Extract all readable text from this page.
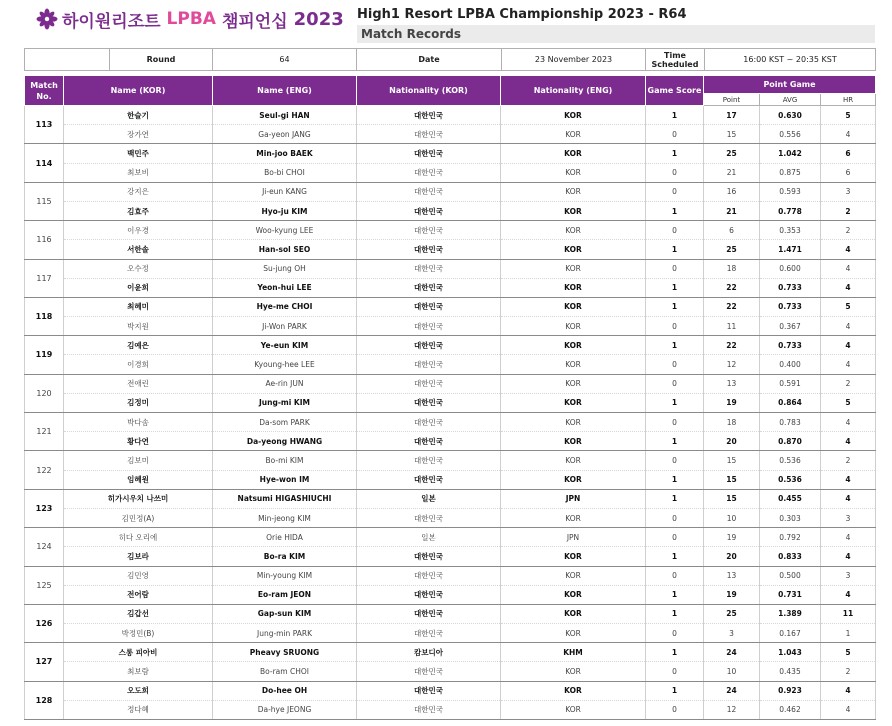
하이원리조트 LPBA 챔피언십 2023 High1 Resort LPBA Championship 2023 - R64
Match Records
	Round	64	Date	23 November 2023	Time Scheduled	16:00 KST ~ 20:35 KST
Match No.	Name (KOR)	Name (ENG)	Nationality (KOR)	Nationality (ENG)	Game Score	Point Game		
						Point	AVG	HR
113	한슬기	Seul-gi HAN	대한민국	KOR	1	17	0.630	5
	장가연	Ga-yeon JANG	대한민국	KOR	0	15	0.556	4
114	백민주	Min-joo BAEK	대한민국	KOR	1	25	1.042	6
	최보비	Bo-bi CHOI	대한민국	KOR	0	21	0.875	6
115	강지은	Ji-eun KANG	대한민국	KOR	0	16	0.593	3
	김효주	Hyo-ju KIM	대한민국	KOR	1	21	0.778	2
116	이우경	Woo-kyung LEE	대한민국	KOR	0	6	0.353	2
	서한솔	Han-sol SEO	대한민국	KOR	1	25	1.471	4
117	오수정	Su-jung OH	대한민국	KOR	0	18	0.600	4
	이윤희	Yeon-hui LEE	대한민국	KOR	1	22	0.733	4
118	최혜미	Hye-me CHOI	대한민국	KOR	1	22	0.733	5
	박지원	Ji-Won PARK	대한민국	KOR	0	11	0.367	4
119	김예은	Ye-eun KIM	대한민국	KOR	1	22	0.733	4
	이경희	Kyoung-hee LEE	대한민국	KOR	0	12	0.400	4
120	전애린	Ae-rin JUN	대한민국	KOR	0	13	0.591	2
	김정미	Jung-mi KIM	대한민국	KOR	1	19	0.864	5
121	박다솜	Da-som PARK	대한민국	KOR	0	18	0.783	4
	황다연	Da-yeong HWANG	대한민국	KOR	1	20	0.870	4
122	김보미	Bo-mi KIM	대한민국	KOR	0	15	0.536	2
	임혜원	Hye-won IM	대한민국	KOR	1	15	0.536	4
123	히가시우치 나쓰미	Natsumi HIGASHIUCHI	일본	JPN	1	15	0.455	4
	김민정(A)	Min-jeong KIM	대한민국	KOR	0	10	0.303	3
124	히다 오리에	Orie HIDA	일본	JPN	0	19	0.792	4
	김보라	Bo-ra KIM	대한민국	KOR	1	20	0.833	4
125	김민영	Min-young KIM	대한민국	KOR	0	13	0.500	3
	전어람	Eo-ram JEON	대한민국	KOR	1	19	0.731	4
126	김갑선	Gap-sun KIM	대한민국	KOR	1	25	1.389	11
	박정민(B)	Jung-min PARK	대한민국	KOR	0	3	0.167	1
127	스롱 피아비	Pheavy SRUONG	캄보디아	KHM	1	24	1.043	5
	최보람	Bo-ram CHOI	대한민국	KOR	0	10	0.435	2
128	오도희	Do-hee OH	대한민국	KOR	1	24	0.923	4
	정다혜	Da-hye JEONG	대한민국	KOR	0	12	0.462	4
